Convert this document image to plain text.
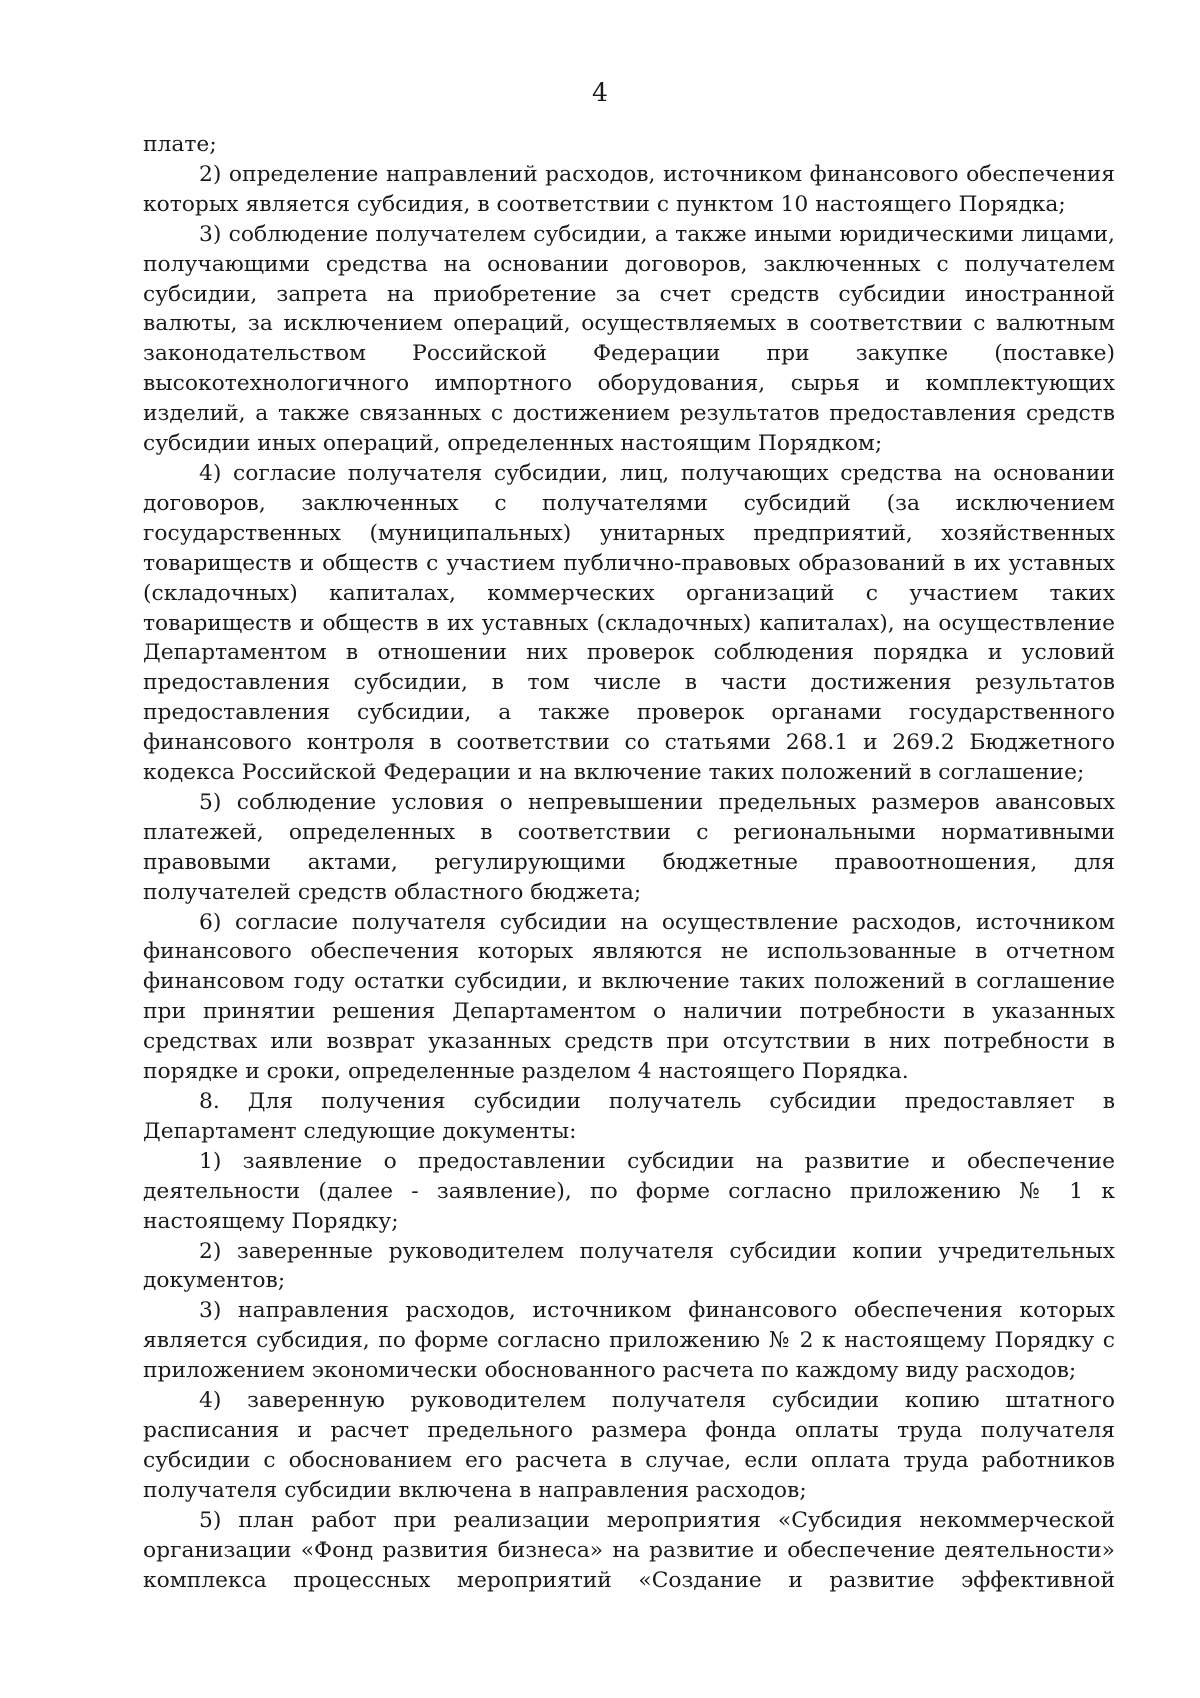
4

плате;

2) определение направлений расходов, источником финансового обеспечения которых является субсидия, в соответствии с пунктом 10 настоящего Порядка;

3) соблюдение получателем субсидии, а также иными юридическими лицами, получающими средства на основании договоров, заключенных с получателем субсидии, запрета на приобретение за счет средств субсидии иностранной валюты, за исключением операций, осуществляемых в соответствии с валютным законодательством Российской Федерации при закупке (поставке) высокотехнологичного импортного оборудования, сырья и комплектующих изделий, а также связанных с достижением результатов предоставления средств субсидии иных операций, определенных настоящим Порядком;

4) согласие получателя субсидии, лиц, получающих средства на основании договоров, заключенных с получателями субсидий (за исключением государственных (муниципальных) унитарных предприятий, хозяйственных товариществ и обществ с участием публично-правовых образований в их уставных (складочных) капиталах, коммерческих организаций с участием таких товариществ и обществ в их уставных (складочных) капиталах), на осуществление Департаментом в отношении них проверок соблюдения порядка и условий предоставления субсидии, в том числе в части достижения результатов предоставления субсидии, а также проверок органами государственного финансового контроля в соответствии со статьями 268.1 и 269.2 Бюджетного кодекса Российской Федерации и на включение таких положений в соглашение;

5) соблюдение условия о непревышении предельных размеров авансовых платежей, определенных в соответствии с региональными нормативными правовыми актами, регулирующими бюджетные правоотношения, для получателей средств областного бюджета;

6) согласие получателя субсидии на осуществление расходов, источником финансового обеспечения которых являются не использованные в отчетном финансовом году остатки субсидии, и включение таких положений в соглашение при принятии решения Департаментом о наличии потребности в указанных средствах или возврат указанных средств при отсутствии в них потребности в порядке и сроки, определенные разделом 4 настоящего Порядка.

8. Для получения субсидии получатель субсидии предоставляет в Департамент следующие документы:

1) заявление о предоставлении субсидии на развитие и обеспечение деятельности (далее - заявление), по форме согласно приложению № 1 к настоящему Порядку;

2) заверенные руководителем получателя субсидии копии учредительных документов;

3) направления расходов, источником финансового обеспечения которых является субсидия, по форме согласно приложению № 2 к настоящему Порядку с приложением экономически обоснованного расчета по каждому виду расходов;

4) заверенную руководителем получателя субсидии копию штатного расписания и расчет предельного размера фонда оплаты труда получателя субсидии с обоснованием его расчета в случае, если оплата труда работников получателя субсидии включена в направления расходов;

5) план работ при реализации мероприятия «Субсидия некоммерческой организации «Фонд развития бизнеса» на развитие и обеспечение деятельности» комплекса процессных мероприятий «Создание и развитие эффективной
